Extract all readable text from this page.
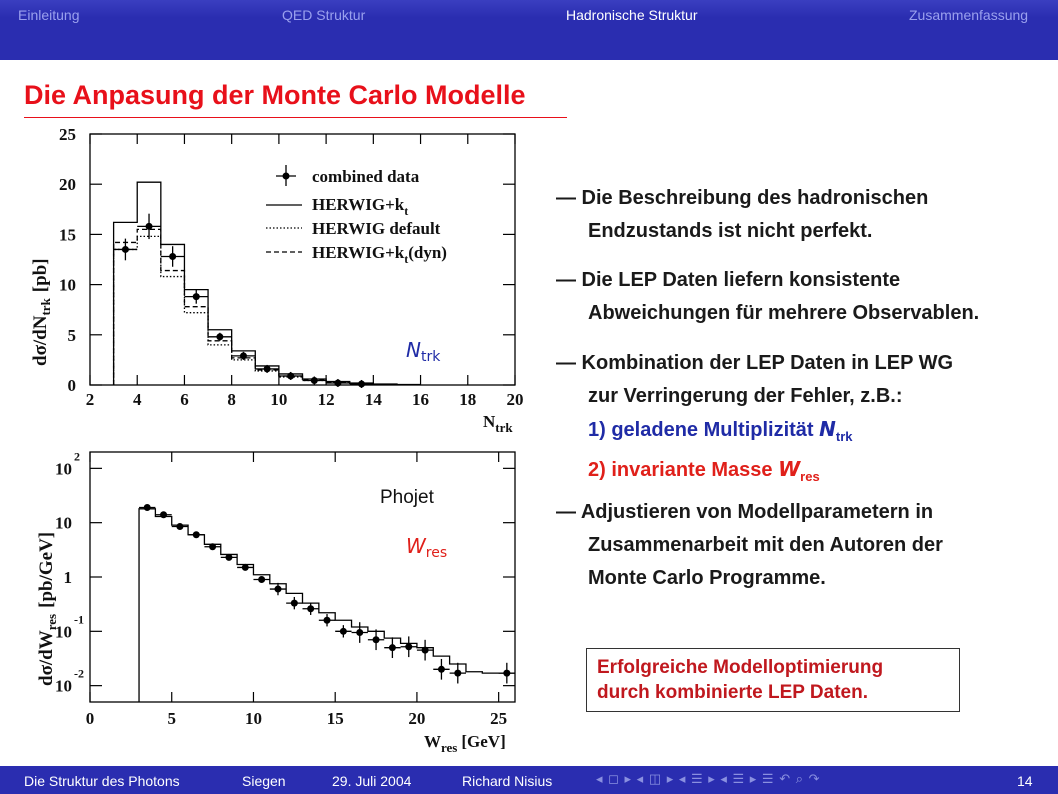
Einleitung	QED Struktur	Hadronische Struktur	Zusammenfassung
Die Anpasung der Monte Carlo Modelle
2 4 6 8 10 12 14 16 18 20
0
5
10
15
20
25
$d\sigma/dN_{trk}[pb]$
$N_{trk}$
combined data
$HERWIG+k_t$
HERWIG default
$HERWIG+k_t(dyn)$
$N_{trk}$
0	5	10	15	20	25
10
-2
10
-1
1
10
10
2
$d\sigma/dW_{res}[pb/GeV]$
$W_{res}$ [GeV]
Phojet
$W_{res}$
— Die Beschreibung des hadronischen
Endzustands ist nicht perfekt.
— Die LEP Daten liefern konsistente
Abweichungen für mehrere Observablen.
— Kombination der LEP Daten in LEP WG
zur Verringerung der Fehler, z.B.:
1) geladene Multiplizität $N_{trk}$
2) invariante Masse $W_{res}$
— Adjustieren von Modellparametern in
Zusammenarbeit mit den Autoren der
Monte Carlo Programme.
Erfolgreiche Modelloptimierung
durch kombinierte LEP Daten.
Die Struktur des Photons	Siegen	29. Juli 2004	Richard Nisius	◂ ◻ ▸ ◂ ◫ ▸ ◂ ☰ ▸ ◂ ☰ ▸ ☰ ↶ ⌕ ↷	14
